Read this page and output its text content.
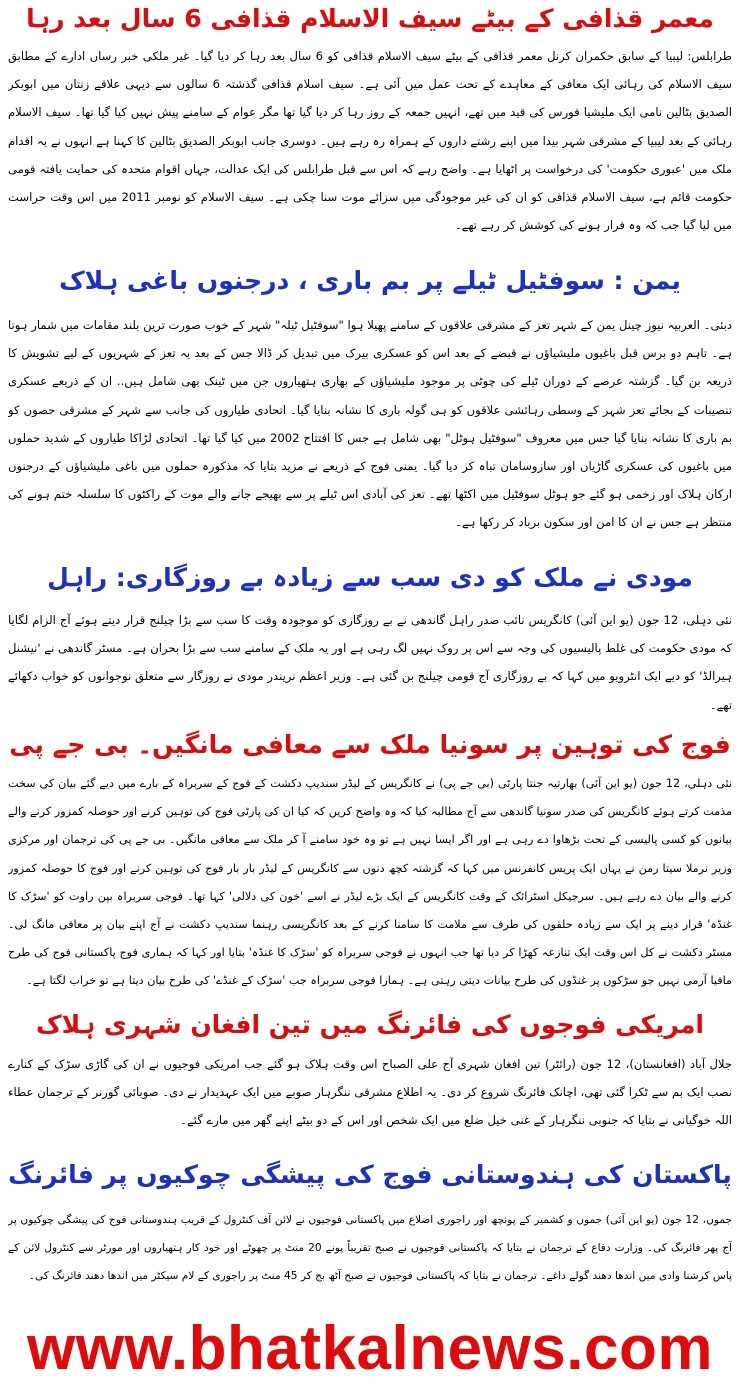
معمر قذافی کے بیٹے سیف الاسلام قذافی 6 سال بعد رہا
طرابلس: لیبیا کے سابق حکمران کرنل معمر قذافی کے بیٹے سیف الاسلام قذافی کو 6 سال بعد رہا کر دیا گیا۔ غیر ملکی خبر رساں ادارے کے مطابق سیف الاسلام کی رہائی ایک معافی کے معاہدے کے تحت عمل میں آئی ہے۔ سیف اسلام قذافی گذشتہ 6 سالوں سے دیہی علاقے زنتان میں ابوبکر الصدیق بٹالین نامی ایک ملیشیا فورس کی قید میں تھے، انہیں جمعہ کے روز رہا کر دیا گیا تھا مگر عوام کے سامنے پیش نہیں کیا گیا تھا۔ سیف الاسلام رہائی کے بعد لیبیا کے مشرقی شہر بیدا میں اپنے رشتے داروں کے ہمراہ رہ رہے ہیں۔ دوسری جانب ابوبکر الصدیق بٹالین کا کہنا ہے انہوں نے یہ اقدام ملک میں 'عبوری حکومت' کی درخواست پر اٹھایا ہے۔ واضح رہے کہ اس سے قبل طرابلس کی ایک عدالت، جہاں اقوام متحدہ کی حمایت یافتہ قومی حکومت قائم ہے، سیف الاسلام قذافی کو ان کی غیر موجودگی میں سزائے موت سنا چکی ہے۔ سیف الاسلام کو نومبر 2011 میں اس وقت حراست میں لیا گیا جب کہ وہ فرار ہونے کی کوشش کر رہے تھے۔
یمن : سوفٹیل ٹیلے پر بم باری ، درجنوں باغی ہلاک
دبئی۔ العربیہ نیوز چینل یمن کے شہر تعز کے مشرقی علاقوں کے سامنے پھیلا ہوا "سوفٹیل ٹیلہ" شہر کے خوب صورت ترین بلند مقامات میں شمار ہوتا ہے۔ تاہم دو برس قبل باغیوں ملیشیاؤں نے قبضے کے بعد اس کو عسکری بیرک میں تبدیل کر ڈالا جس کے بعد یہ تعز کے شہریوں کے لیے تشویش کا ذریعہ بن گیا۔ گزشتہ عرصے کے دوران ٹیلے کی چوٹی پر موجود ملیشیاؤں کے بھاری ہتھیاروں جن میں ٹینک بھی شامل ہیں.. ان کے ذریعے عسکری تنصیبات کے بجائے تعز شہر کے وسطی رہائشی علاقوں کو ہی گولہ باری کا نشانہ بنایا گیا۔ اتحادی طیاروں کی جانب سے شہر کے مشرقی حصوں کو بم باری کا نشانہ بنایا گیا جس میں معروف "سوفٹیل ہوٹل" بھی شامل ہے جس کا افتتاح 2002 میں کیا گیا تھا۔ اتحادی لڑاکا طیاروں کے شدید حملوں میں باغیوں کی عسکری گاڑیاں اور سازوسامان تباہ کر دیا گیا۔ یمنی فوج کے ذریعے نے مزید بتایا کہ مذکورہ حملوں میں باغی ملیشیاؤں کے درجنوں ارکان ہلاک اور زخمی ہو گئے جو ہوٹل سوفٹیل میں اکٹھا تھے۔ تعز کی آبادی اس ٹیلے پر سے بھیجے جانے والے موت کے راکٹوں کا سلسلہ ختم ہونے کی منتظر ہے جس نے ان کا امن اور سکون برباد کر رکھا ہے۔
مودی نے ملک کو دی سب سے زیادہ بے روزگاری: راہل
نئی دہلی، 12 جون (یو این آئی) کانگریس نائب صدر راہل گاندھی نے بے روزگاری کو موجودہ وقت کا سب سے بڑا چیلنج قرار دیتے ہوئے آج الزام لگایا کہ مودی حکومت کی غلط پالیسیوں کی وجہ سے اس پر روک نہیں لگ رہی ہے اور یہ ملک کے سامنے سب سے بڑا بحران ہے۔ مسٹر گاندھی نے 'نیشنل ہیرالڈ' کو دیے ایک انٹرویو میں کہا کہ بے روزگاری آج قومی چیلنج بن گئی ہے۔ وزیر اعظم نریندر مودی نے روزگار سے متعلق نوجوانوں کو خواب دکھائے تھے۔
فوج کی توہین پر سونیا ملک سے معافی مانگیں۔ بی جے پی
نئی دہلی، 12 جون (یو این آئی) بھارتیہ جنتا پارٹی (بی جے پی) نے کانگریس کے لیڈر سندیپ دکشت کے فوج کے سربراہ کے بارے میں دیے گئے بیان کی سخت مذمت کرتے ہوئے کانگریس کی صدر سونیا گاندھی سے آج مطالبہ کیا کہ وہ واضح کریں کہ کیا ان کی پارٹی فوج کی توہین کرنے اور حوصلہ کمزور کرنے والے بیانوں کو کسی پالیسی کے تحت بڑھاوا دے رہی ہے اور اگر ایسا نہیں ہے تو وہ خود سامنے آ کر ملک سے معافی مانگیں۔ بی جے پی کی ترجمان اور مرکزی وزیر نرملا سیتا رمن نے یہاں ایک پریس کانفرنس میں کہا کہ گزشتہ کچھ دنوں سے کانگریس کے لیڈر بار بار فوج کی توہین کرنے اور فوج کا حوصلہ کمزور کرنے والے بیان دے رہے ہیں۔ سرجیکل اسٹرائک کے وقت کانگریس کے ایک بڑے لیڈر نے اسے 'خون کی دلالی' کہا تھا۔ فوجی سربراہ بپن راوت کو 'سڑک کا غنڈہ' قرار دینے پر ایک سے زیادہ حلقوں کی طرف سے ملامت کا سامنا کرنے کے بعد کانگریسی رہنما سندیپ دکشت نے آج اپنے بیان پر معافی مانگ لی۔ مسٹر دکشت نے کل اس وقت ایک تنازعہ کھڑا کر دیا تھا جب انہوں نے فوجی سربراہ کو 'سڑک کا غنڈہ' بتایا اور کہا کہ ہماری فوج پاکستانی فوج کی طرح مافیا آرمی نہیں جو سڑکوں پر غنڈوں کی طرح بیانات دیتی رہتی ہے۔ ہمارا فوجی سربراہ جب 'سڑک کے غنڈے' کی طرح بیان دیتا ہے تو خراب لگتا ہے۔
امریکی فوجوں کی فائرنگ میں تین افغان شہری ہلاک
جلال آباد (افغانستان)، 12 جون (رائٹر) تین افغان شہری آج علی الصباح اس وقت ہلاک ہو گئے جب امریکی فوجیوں نے ان کی گاڑی سڑک کے کنارے نصب ایک بم سے ٹکرا گئی تھی، اچانک فائرنگ شروع کر دی۔ یہ اطلاع مشرقی ننگرہار صوبے میں ایک عہدیدار نے دی۔ صوبائی گورنر کے ترجمان عطاء اللہ خوگیانی نے بتایا کہ جنوبی ننگرہار کے غنی خیل ضلع میں ایک شخص اور اس کے دو بیٹے اپنے گھر میں مارے گئے۔
پاکستان کی ہندوستانی فوج کی پیشگی چوکیوں پر فائرنگ
جموں، 12 جون (یو این آئی) جموں و کشمیر کے پونچھ اور راجوری اضلاع میں پاکستانی فوجیوں نے لائن آف کنٹرول کے قریب ہندوستانی فوج کی پیشگی چوکیوں پر آج پھر فائرنگ کی۔ وزارت دفاع کے ترجمان نے بتایا کہ پاکستانی فوجیوں نے صبح تقریباً پونے 20 منٹ پر چھوٹے اور خود کار ہتھیاروں اور مورٹر سے کنٹرول لائن کے پاس کرشنا وادی میں اندھا دھند گولے داغے۔ ترجمان نے بتایا کہ پاکستانی فوجیوں نے صبح آٹھ بج کر 45 منٹ پر راجوری کے لام سیکٹر میں اندھا دھند فائرنگ کی۔
www.bhatkalnews.com
